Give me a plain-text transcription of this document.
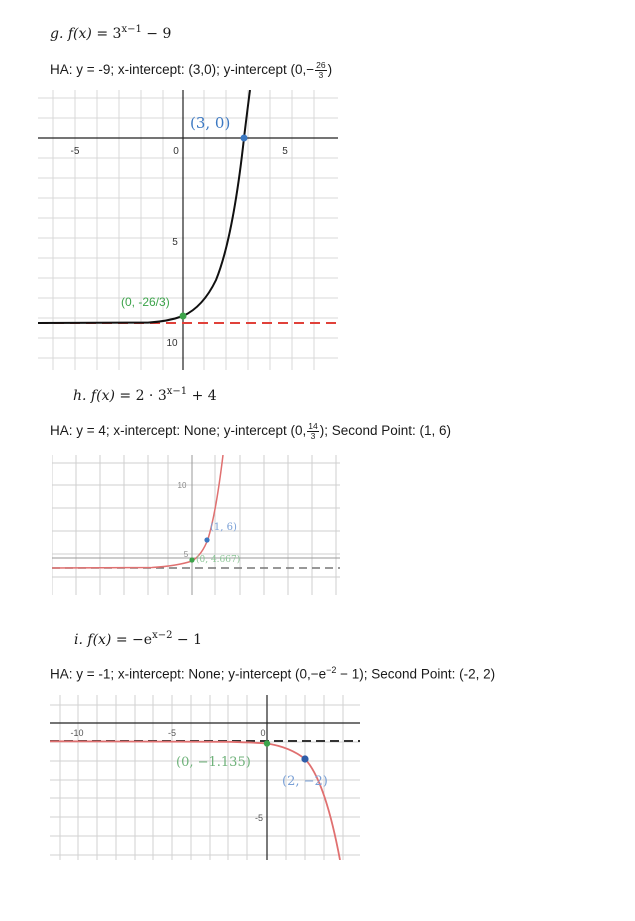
g. $f(x) = 3^{x-1} - 9$
HA: y = -9; x-intercept: (3,0); y-intercept ($0,- \frac{26}{3}$ )
-5	0	5
5
10
(3, 0)
(0, -26/3)
h. $f(x) = 2 \cdot 3^{x-1} + 4$
HA: y = 4; x-intercept: None; y-intercept (0, $\frac{14}{3}$ ); Second Point: (1, 6)
10
5
(1, 6)
(0, 4.667)
i. $f(x) = -e^{x-2} - 1$
HA: y = -1; x-intercept: None; y-intercept $(0,-e^{-2} - 1)$; Second Point: (-2, 2)
-10	-5	0
-5
(0, −1.135)
(2, −2)
